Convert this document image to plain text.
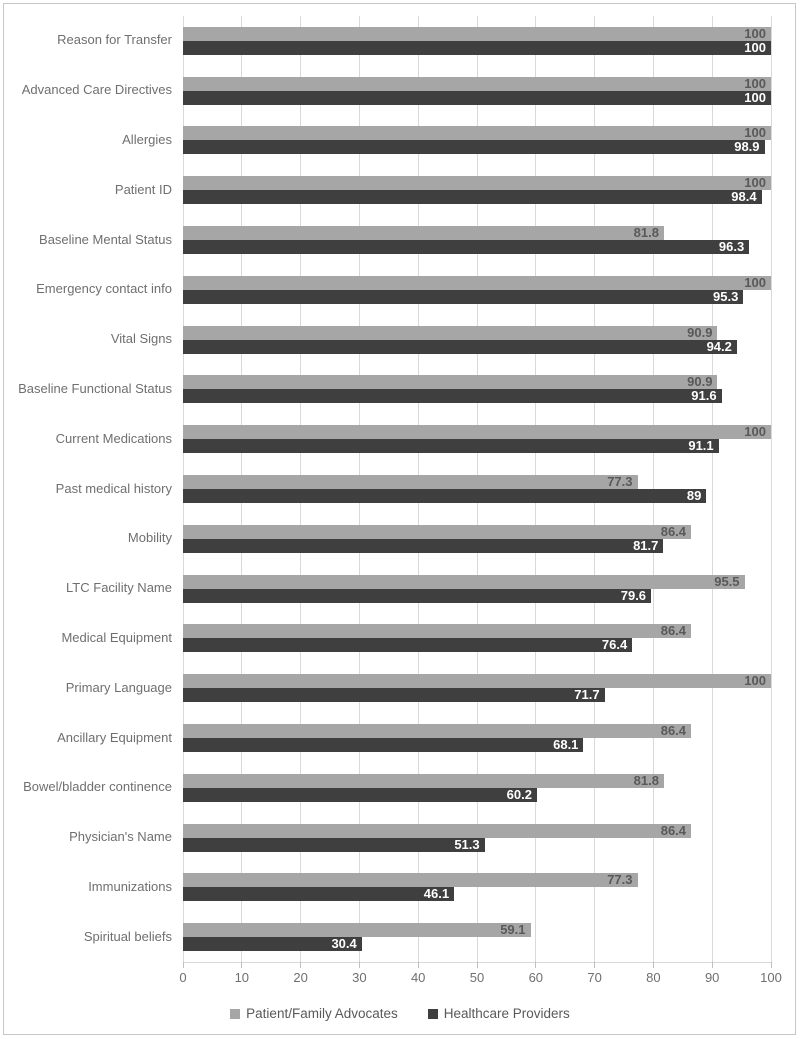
Reason for Transfer	100
100
Advanced Care Directives	100
100
Allergies	100
98.9
Patient ID	100
98.4
Baseline Mental Status	81.8
96.3
Emergency contact info	100
95.3
Vital Signs	90.9
94.2
Baseline Functional Status	90.9
91.6
Current Medications	100
91.1
Past medical history	77.3
89
Mobility	86.4
81.7
LTC Facility Name	95.5
79.6
Medical Equipment	86.4
76.4
Primary Language	100
71.7
Ancillary Equipment	86.4
68.1
Bowel/bladder continence	81.8
60.2
Physician's Name	86.4
51.3
Immunizations	77.3
46.1
Spiritual beliefs	59.1
30.4
0	10	20	30	40	50	60	70	80	90	100
Patient/Family Advocates	Healthcare Providers
